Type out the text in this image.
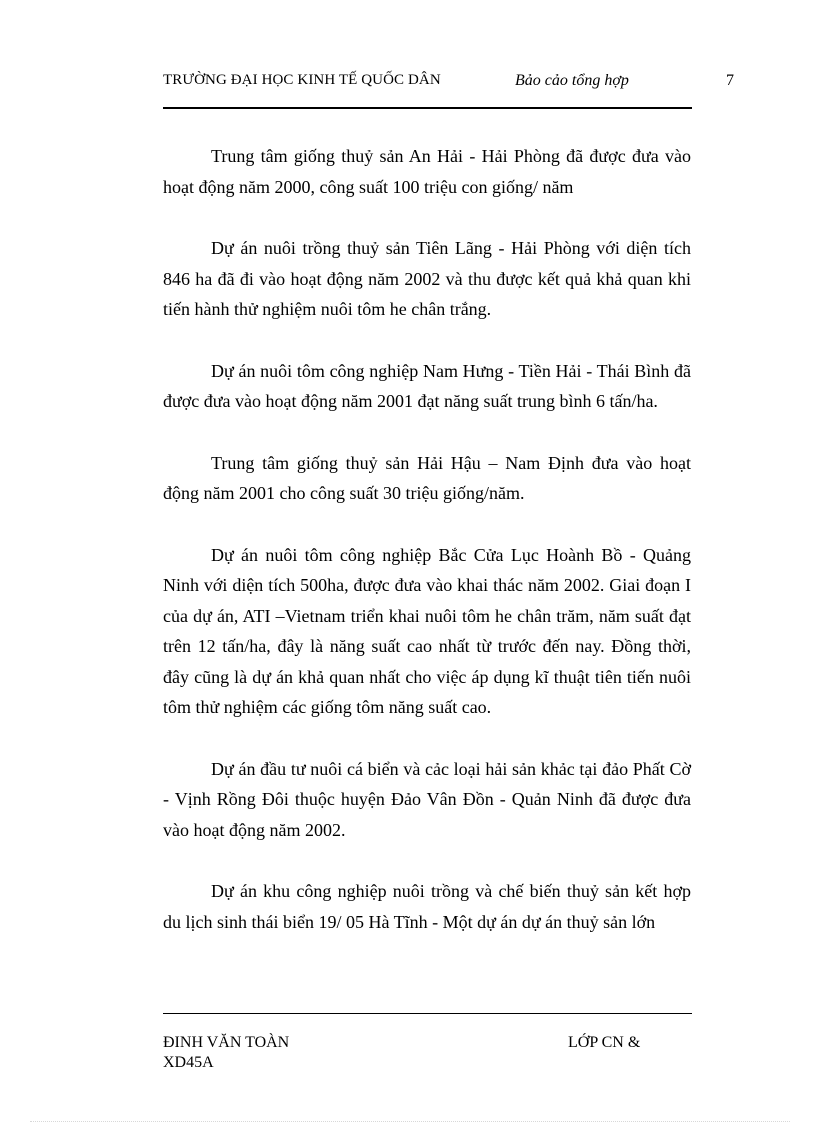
TRƯỜNG ĐẠI HỌC KINH TẾ QUỐC DÂN	Bảo cảo tổng hợp	7

Trung tâm giống thuỷ sản An Hải - Hải Phòng đã được đưa vào hoạt động năm 2000, công suất 100 triệu con giống/ năm

Dự án nuôi trồng thuỷ sản Tiên Lãng - Hải Phòng với diện tích 846 ha đã đi vào hoạt động năm 2002 và thu được kết quả khả quan khi tiến hành thử nghiệm nuôi tôm he chân trắng.

Dự án nuôi tôm công nghiệp Nam Hưng - Tiền Hải - Thái Bình đã được đưa vào hoạt động năm 2001 đạt năng suất trung bình 6 tấn/ha.

Trung tâm giống thuỷ sản Hải Hậu – Nam Định đưa vào hoạt động năm 2001 cho công suất 30 triệu giống/năm.

Dự án nuôi tôm công nghiệp Bắc Cửa Lục Hoành Bồ - Quảng Ninh với diện tích 500ha, được đưa vào khai thác năm 2002. Giai đoạn I của dự án, ATI –Vietnam triển khai nuôi tôm he chân trăm, năm suất đạt trên 12 tấn/ha, đây là năng suất cao nhất từ trước đến nay. Đồng thời, đây cũng là dự án khả quan nhất cho việc áp dụng kĩ thuật tiên tiến nuôi tôm thử nghiệm các giống tôm năng suất cao.

Dự án đầu tư nuôi cá biển và cảc loại hải sản khảc tại đảo Phất Cờ - Vịnh Rồng Đôi thuộc huyện Đảo Vân Đồn - Quản Ninh đã được đưa vào hoạt động năm 2002.

Dự án khu công nghiệp nuôi trồng và chế biến thuỷ sản kết hợp du lịch sinh thái biển 19/ 05 Hà Tĩnh - Một dự án dự án thuỷ sản lớn

ĐINH VĂN TOÀN XD45A
LỚP CN &
